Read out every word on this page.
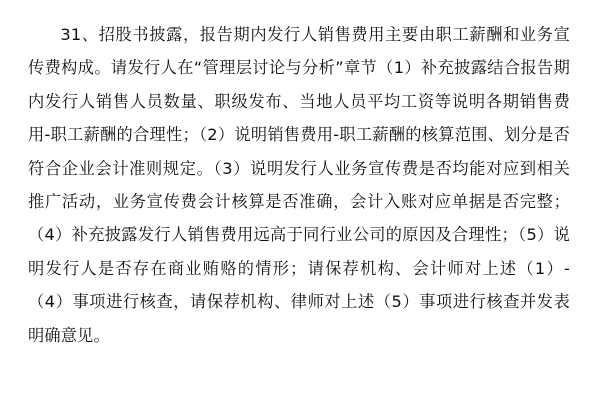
31、招股书披露，报告期内发行人销售费用主要由职工薪酬和业务宣传费构成。请发行人在“管理层讨论与分析”章节（1）补充披露结合报告期内发行人销售人员数量、职级发布、当地人员平均工资等说明各期销售费用-职工薪酬的合理性；（2）说明销售费用-职工薪酬的核算范围、划分是否符合企业会计准则规定。（3）说明发行人业务宣传费是否均能对应到相关推广活动，业务宣传费会计核算是否准确，会计入账对应单据是否完整；（4）补充披露发行人销售费用远高于同行业公司的原因及合理性；（5）说明发行人是否存在商业贿赂的情形；请保荐机构、会计师对上述（1）-（4）事项进行核查，请保荐机构、律师对上述（5）事项进行核查并发表明确意见。
